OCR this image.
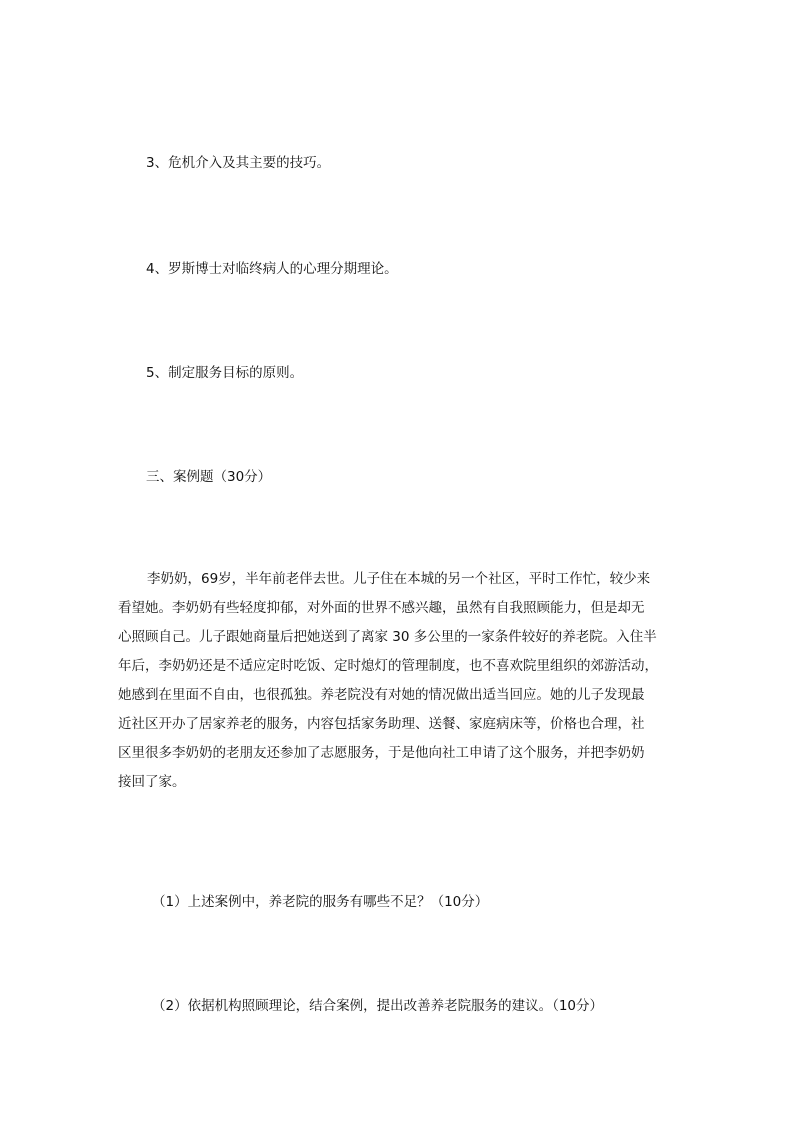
3、危机介入及其主要的技巧。

4、罗斯博士对临终病人的心理分期理论。

5、制定服务目标的原则。

三、案例题（30分）

李奶奶，69岁，半年前老伴去世。儿子住在本城的另一个社区，平时工作忙，较少来
看望她。李奶奶有些轻度抑郁，对外面的世界不感兴趣，虽然有自我照顾能力，但是却无
心照顾自己。儿子跟她商量后把她送到了离家 30 多公里的一家条件较好的养老院。入住半
年后，李奶奶还是不适应定时吃饭、定时熄灯的管理制度，也不喜欢院里组织的郊游活动，
她感到在里面不自由，也很孤独。养老院没有对她的情况做出适当回应。她的儿子发现最
近社区开办了居家养老的服务，内容包括家务助理、送餐、家庭病床等，价格也合理，社
区里很多李奶奶的老朋友还参加了志愿服务，于是他向社工申请了这个服务，并把李奶奶
接回了家。

（1）上述案例中，养老院的服务有哪些不足？（10分）

（2）依据机构照顾理论，结合案例，提出改善养老院服务的建议。（10分）
